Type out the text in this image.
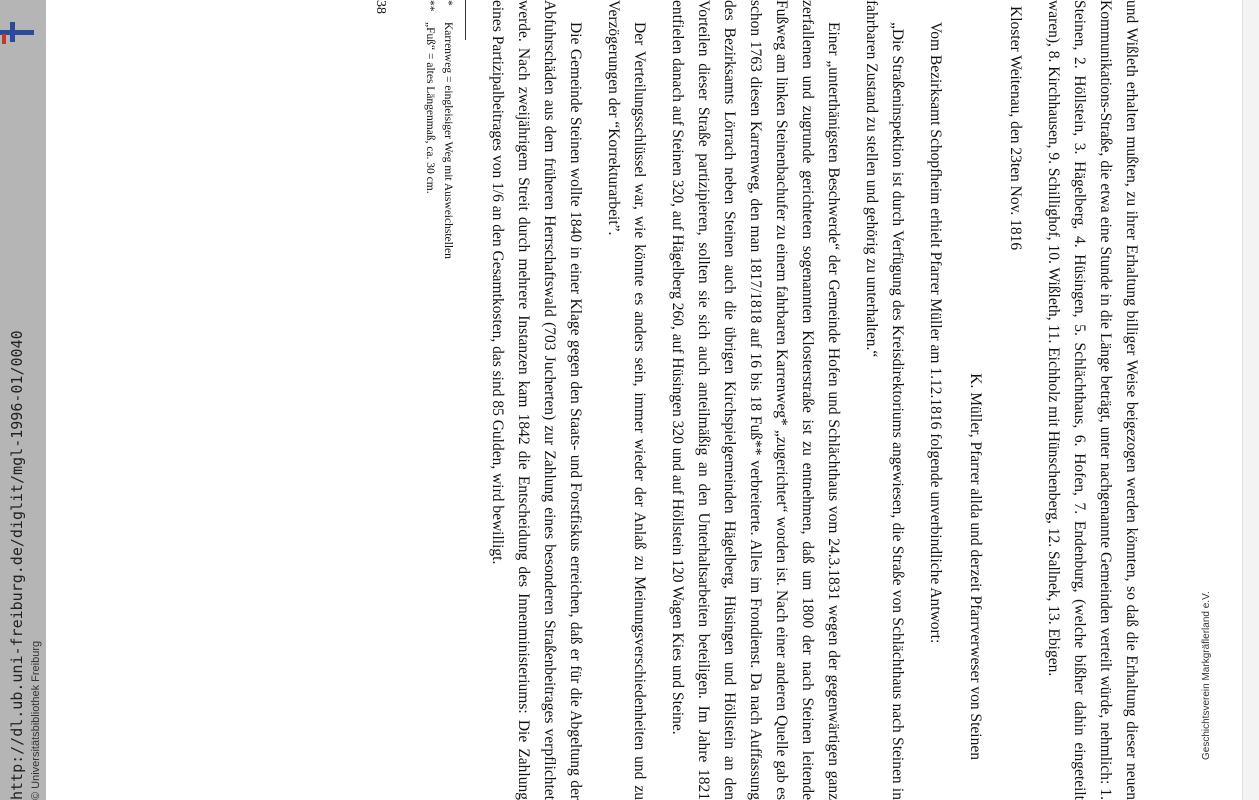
http://dl.ub.uni-freiburg.de/diglit/mgl-1996-01/0040 © Universitätsbibliothek Freiburg	und Wißleth erhalten mußten, zu ihrer Erhaltung billiger Weise beigezogen werden könnten, so daß die Erhaltung dieser neuen Kommunikations-Straße, die etwa eine Stunde in die Länge beträgt, unter nachgenannte Gemeinden verteilt würde, nehmlich: 1. Steinen, 2. Höllstein, 3. Hägelberg, 4. Hüsingen, 5. Schlächthaus, 6. Hofen, 7. Endenburg, (welche bißher dahin eingeteilt waren), 8. Kirchhausen, 9. Schillighof, 10. Wißleth, 11. Eichholz mit Hünschenberg, 12. Sallnek, 13. Ebigen.

Kloster Weitenau, den 23ten Nov. 1816

K. Müller, Pfarrer allda und derzeit Pfarrverweser von Steinen

Vom Bezirksamt Schopfheim erhielt Pfarrer Müller am 1.12.1816 folgende unverbindliche Antwort:

„Die Straßeninspektion ist durch Verfügung des Kreisdirektoriums angewiesen, die Straße von Schlächthaus nach Steinen in fahrbaren Zustand zu stellen und gehörig zu unterhalten.“

Einer „unterthänigsten Beschwerde“ der Gemeinde Hofen und Schlächthaus vom 24.3.1831 wegen der gegenwärtigen ganz zerfallenen und zugrunde gerichteten sogenannten Klosterstraße ist zu entnehmen, daß um 1800 der nach Steinen leitende Fußweg am linken Steinenbachufer zu einem fahrbaren Karrenweg* „zugerichtet“ worden ist. Nach einer anderen Quelle gab es schon 1763 diesen Karrenweg, den man 1817/1818 auf 16 bis 18 Fuß** verbreiterte. Alles im Frondienst. Da nach Auffassung des Bezirksamts Lörrach neben Steinen auch die übrigen Kirchspielgemeinden Hägelberg, Hüsingen und Höllstein an den Vorteilen dieser Straße partizipieren, sollten sie sich auch anteilmäßig an den Unterhaltsarbeiten beteiligen. Im Jahre 1821 entfielen danach auf Steinen 320, auf Hägelberg 260, auf Hüsingen 320 und auf Höllstein 120 Wagen Kies und Steine.

Der Verteilungsschlüssel war, wie könnte es anders sein, immer wieder der Anlaß zu Meinungsverschiedenheiten und zu Verzögerungen der “Korrekturarbeit”.

Die Gemeinde Steinen wollte 1840 in einer Klage gegen den Staats- und Forstfiskus erreichen, daß er für die Abgeltung der Abfuhrschäden aus dem früheren Herrschaftswald (703 Jucherten) zur Zahlung eines besonderen Straßenbeitrages verpflichtet werde. Nach zweijährigem Streit durch mehrere Instanzen kam 1842 die Entscheidung des Innenministeriums: Die Zahlung eines Partizipalbeitrages von 1/6 an den Gesamtkosten, das sind 85 Gulden, wird bewilligt.

*Karrenweg = eingleisiger Weg mit Ausweichstellen

**„Fuß“ = altes Längenmaß, ca. 30 cm.

38
Geschichtsverein Markgräflerland e.V.
